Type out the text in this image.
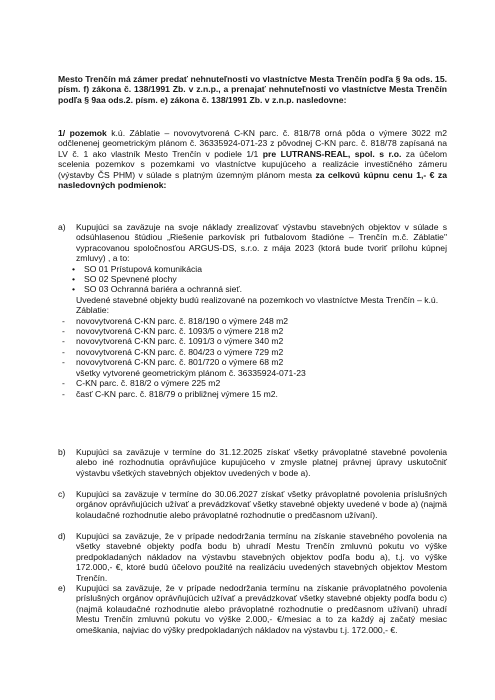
Mesto Trenčín má zámer predať nehnuteľnosti vo vlastníctve Mesta Trenčín podľa § 9a ods. 15. písm. f) zákona č. 138/1991 Zb. v z.n.p., a prenajať nehnuteľnosti vo vlastníctve Mesta Trenčín podľa § 9aa ods.2. písm. e) zákona č. 138/1991 Zb. v z.n.p. nasledovne:
1/ pozemok k.ú. Záblatie – novovytvorená C-KN parc. č. 818/78 orná pôda o výmere 3022 m2 odčlenenej geometrickým plánom č. 36335924-071-23 z pôvodnej C-KN parc. č. 818/78 zapísaná na LV č. 1 ako vlastník Mesto Trenčín v podiele 1/1 pre LUTRANS-REAL, spol. s r.o. za účelom scelenia pozemkov s pozemkami vo vlastníctve kupujúceho a realizácie investičného zámeru (výstavby ČS PHM) v súlade s platným územným plánom mesta za celkovú kúpnu cenu 1,- € za nasledovných podmienok:
a) Kupujúci sa zaväzuje na svoje náklady zrealizovať výstavbu stavebných objektov v súlade s odsúhlasenou štúdiou „Riešenie parkovísk pri futbalovom štadióne – Trenčín m.č. Záblatie" vypracovanou spoločnosťou ARGUS-DS, s.r.o. z mája 2023 (ktorá bude tvoriť prílohu kúpnej zmluvy) , a to:
• SO 01 Prístupová komunikácia
• SO 02 Spevnené plochy
• SO 03 Ochranná bariéra a ochranná sieť.
Uvedené stavebné objekty budú realizované na pozemkoch vo vlastníctve Mesta Trenčín – k.ú. Záblatie:
- novovytvorená C-KN parc. č. 818/190 o výmere 248 m2
- novovytvorená C-KN parc. č. 1093/5 o výmere 218 m2
- novovytvorená C-KN parc. č. 1091/3 o výmere 340 m2
- novovytvorená C-KN parc. č. 804/23 o výmere 729 m2
- novovytvorená C-KN parc. č. 801/720 o výmere 68 m2
všetky vytvorené geometrickým plánom č. 36335924-071-23
- C-KN parc. č. 818/2 o výmere 225 m2
- časť C-KN parc. č. 818/79 o približnej výmere 15 m2.
b) Kupujúci sa zaväzuje v termíne do 31.12.2025 získať všetky právoplatné stavebné povolenia alebo iné rozhodnutia oprávňujúce kupujúceho v zmysle platnej právnej úpravy uskutočniť výstavbu všetkých stavebných objektov uvedených v bode a).
c) Kupujúci sa zaväzuje v termíne do 30.06.2027 získať všetky právoplatné povolenia príslušných orgánov oprávňujúcich užívať a prevádzkovať všetky stavebné objekty uvedené v bode a) (najmä kolaudačné rozhodnutie alebo právoplatné rozhodnutie o predčasnom užívaní).
d) Kupujúci sa zaväzuje, že v prípade nedodržania termínu na získanie stavebného povolenia na všetky stavebné objekty podľa bodu b) uhradí Mestu Trenčín zmluvnú pokutu vo výške predpokladaných nákladov na výstavbu stavebných objektov podľa bodu a), t.j. vo výške 172.000,- €, ktoré budú účelovo použité na realizáciu uvedených stavebných objektov Mestom Trenčín.
e) Kupujúci sa zaväzuje, že v prípade nedodržania termínu na získanie právoplatného povolenia príslušných orgánov oprávňujúcich užívať a prevádzkovať všetky stavebné objekty podľa bodu c) (najmä kolaudačné rozhodnutie alebo právoplatné rozhodnutie o predčasnom užívaní) uhradí Mestu Trenčín zmluvnú pokutu vo výške 2.000,- €/mesiac a to za každý aj začatý mesiac omeškania, najviac do výšky predpokladaných nákladov na výstavbu t.j. 172.000,- €.
